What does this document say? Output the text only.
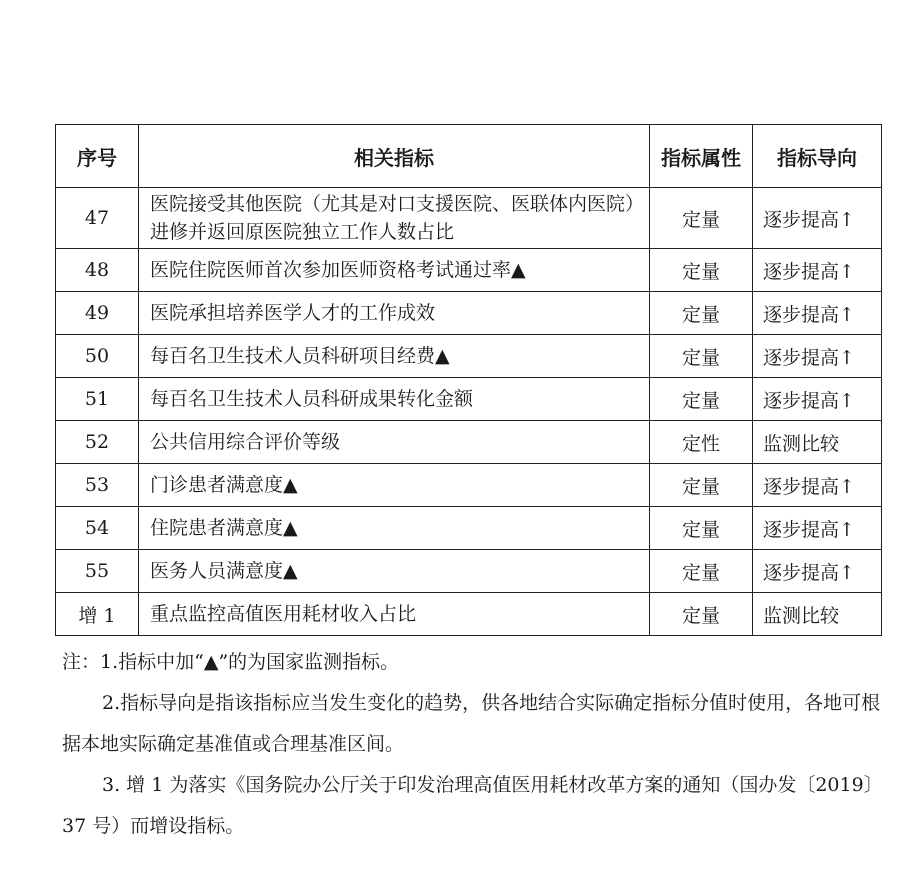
序号	相关指标	指标属性	指标导向
47	医院接受其他医院（尤其是对口支援医院、医联体内医院）进修并返回原医院独立工作人数占比	定量	逐步提高↑
48	医院住院医师首次参加医师资格考试通过率▲	定量	逐步提高↑
49	医院承担培养医学人才的工作成效	定量	逐步提高↑
50	每百名卫生技术人员科研项目经费▲	定量	逐步提高↑
51	每百名卫生技术人员科研成果转化金额	定量	逐步提高↑
52	公共信用综合评价等级	定性	监测比较
53	门诊患者满意度▲	定量	逐步提高↑
54	住院患者满意度▲	定量	逐步提高↑
55	医务人员满意度▲	定量	逐步提高↑
增 1	重点监控高值医用耗材收入占比	定量	监测比较

注：1.指标中加“▲”的为国家监测指标。

2.指标导向是指该指标应当发生变化的趋势，供各地结合实际确定指标分值时使用，各地可根据本地实际确定基准值或合理基准区间。

3. 增 1 为落实《国务院办公厅关于印发治理高值医用耗材改革方案的通知（国办发〔2019〕37 号）而增设指标。
